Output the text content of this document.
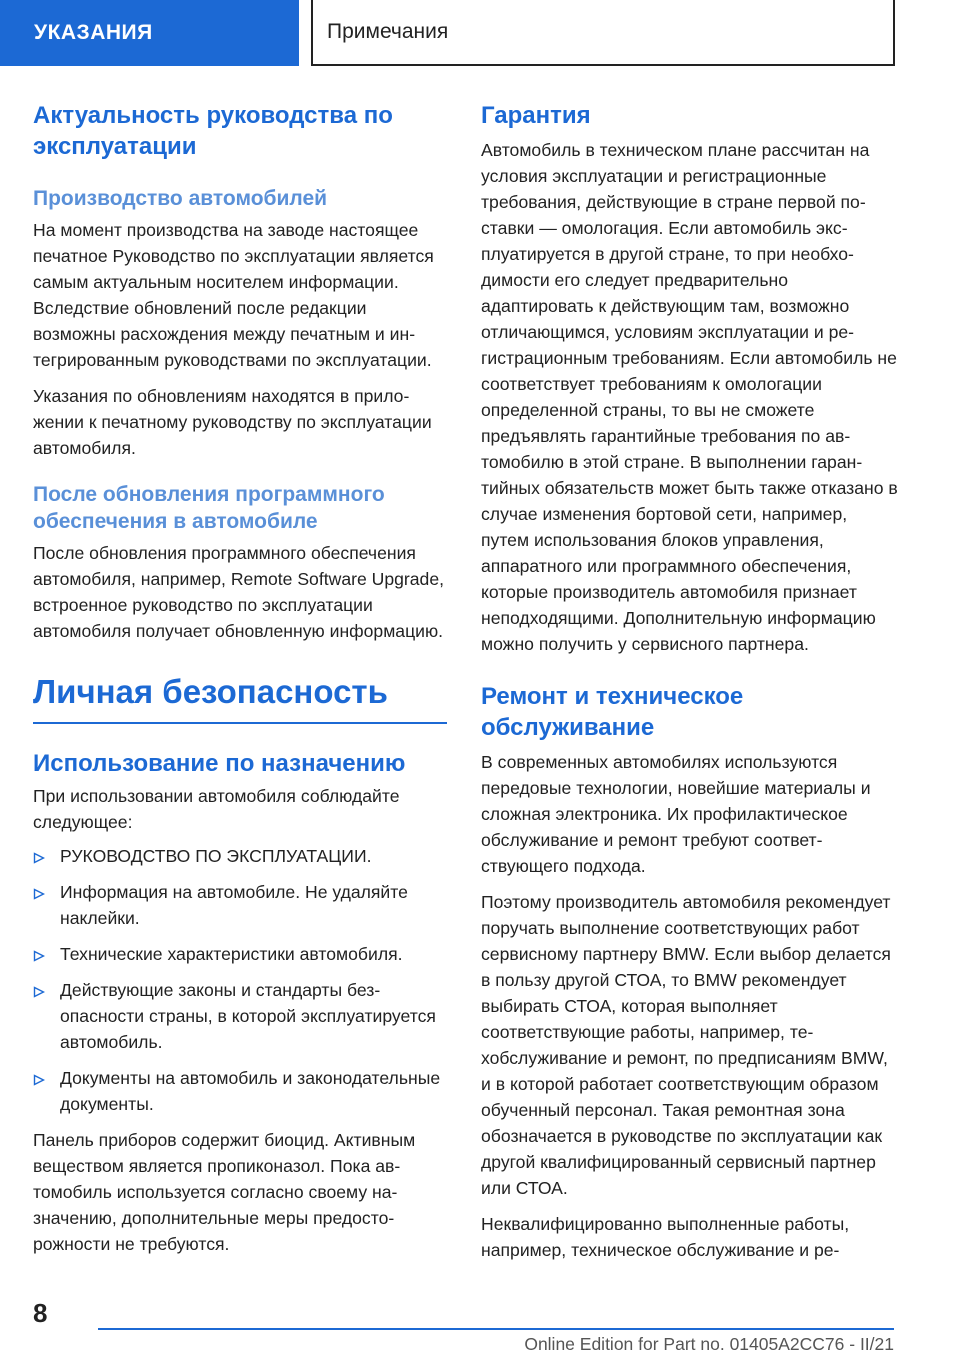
УКАЗАНИЯ	Примечания
Актуальность руководства по эксплуатации
Производство автомобилей

На момент производства на заводе настоящее печатное Руководство по эксплуатации является самым актуальным носителем информации. Вследствие обновлений после редакции возможны расхождения между печатным и интегрированным руководствами по эксплуатации.

Указания по обновлениям находятся в приложении к печатному руководству по эксплуатации автомобиля.

После обновления программного обеспечения в автомобиле

После обновления программного обеспечения автомобиля, например, Remote Software Upgrade, встроенное руководство по эксплуатации автомобиля получает обновленную информацию.

Личная безопасность
Использование по назначению

При использовании автомобиля соблюдайте следующее:

РУКОВОДСТВО ПО ЭКСПЛУАТАЦИИ.
Информация на автомобиле. Не удаляйте наклейки.
Технические характеристики автомобиля.
Действующие законы и стандарты безопасности страны, в которой эксплуатируется автомобиль.
Документы на автомобиль и законодательные документы.

Панель приборов содержит биоцид. Активным веществом является пропиконазол. Пока автомобиль используется согласно своему назначению, дополнительные меры предосторожности не требуются.

Гарантия

Автомобиль в техническом плане рассчитан на условия эксплуатации и регистрационные требования, действующие в стране первой поставки — омологация. Если автомобиль эксплуатируется в другой стране, то при необходимости его следует предварительно адаптировать к действующим там, возможно отличающимся, условиям эксплуатации и регистрационным требованиям. Если автомобиль не соответствует требованиям к омологации определенной страны, то вы не сможете предъявлять гарантийные требования по автомобилю в этой стране. В выполнении гарантийных обязательств может быть также отказано в случае изменения бортовой сети, например, путем использования блоков управления, аппаратного или программного обеспечения, которые производитель автомобиля признает неподходящими. Дополнительную информацию можно получить у сервисного партнера.

Ремонт и техническое обслуживание

В современных автомобилях используются передовые технологии, новейшие материалы и сложная электроника. Их профилактическое обслуживание и ремонт требуют соответствующего подхода.

Поэтому производитель автомобиля рекомендует поручать выполнение соответствующих работ сервисному партнеру BMW. Если выбор делается в пользу другой СТОА, то BMW рекомендует выбирать СТОА, которая выполняет соответствующие работы, например, техобслуживание и ремонт, по предписаниям BMW, и в которой работает соответствующим образом обученный персонал. Такая ремонтная зона обозначается в руководстве по эксплуатации как другой квалифицированный сервисный партнер или СТОА.

Неквалифицированно выполненные работы, например, техническое обслуживание и ре-

8
Online Edition for Part no. 01405A2CC76 - II/21
